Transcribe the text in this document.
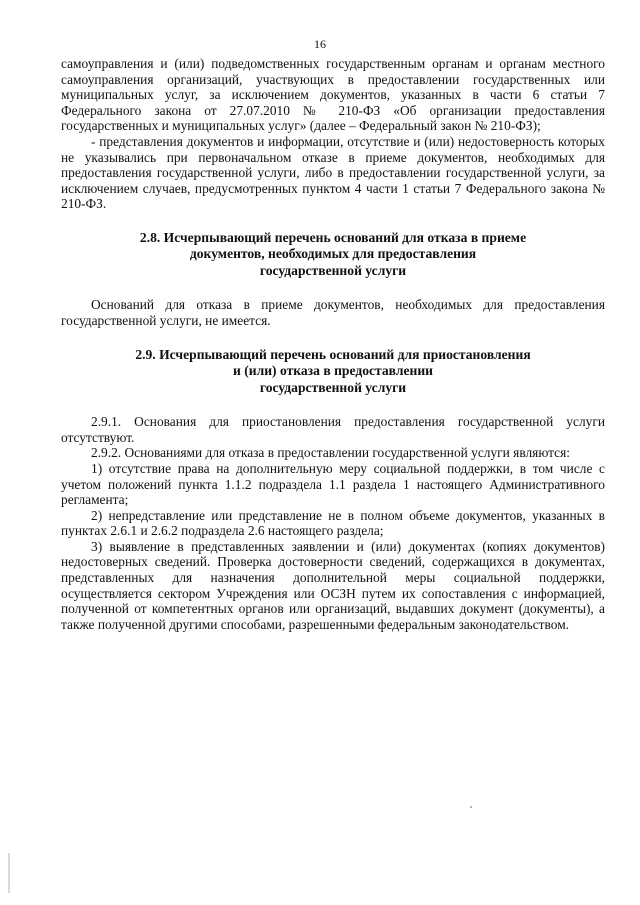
16

самоуправления и (или) подведомственных государственным органам и органам местного самоуправления организаций, участвующих в предоставлении государственных или муниципальных услуг, за исключением документов, указанных в части 6 статьи 7 Федерального закона от 27.07.2010 № 210-ФЗ «Об организации предоставления государственных и муниципальных услуг» (далее – Федеральный закон № 210-ФЗ);

- представления документов и информации, отсутствие и (или) недостоверность которых не указывались при первоначальном отказе в приеме документов, необходимых для предоставления государственной услуги, либо в предоставлении государственной услуги, за исключением случаев, предусмотренных пунктом 4 части 1 статьи 7 Федерального закона № 210-ФЗ.

2.8. Исчерпывающий перечень оснований для отказа в приеме
документов, необходимых для предоставления
государственной услуги

Оснований для отказа в приеме документов, необходимых для предоставления государственной услуги, не имеется.

2.9. Исчерпывающий перечень оснований для приостановления
и (или) отказа в предоставлении
государственной услуги

2.9.1. Основания для приостановления предоставления государственной услуги отсутствуют.

2.9.2. Основаниями для отказа в предоставлении государственной услуги являются:

1) отсутствие права на дополнительную меру социальной поддержки, в том числе с учетом положений пункта 1.1.2 подраздела 1.1 раздела 1 настоящего Административного регламента;

2) непредставление или представление не в полном объеме документов, указанных в пунктах 2.6.1 и 2.6.2 подраздела 2.6 настоящего раздела;

3) выявление в представленных заявлении и (или) документах (копиях документов) недостоверных сведений. Проверка достоверности сведений, содержащихся в документах, представленных для назначения дополнительной меры социальной поддержки, осуществляется сектором Учреждения или ОСЗН путем их сопоставления с информацией, полученной от компетентных органов или организаций, выдавших документ (документы), а также полученной другими способами, разрешенными федеральным законодательством.
